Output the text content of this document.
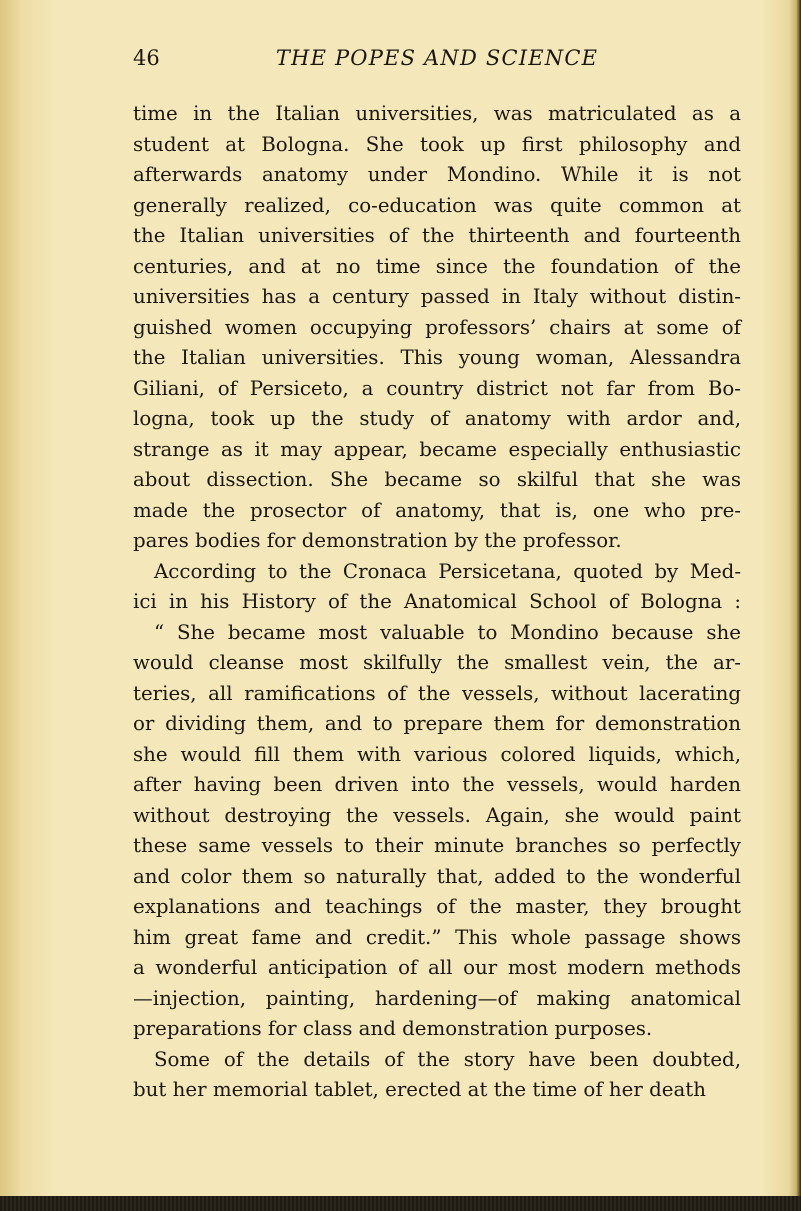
46	THE POPES AND SCIENCE
time in the Italian universities, was matriculated as a
student at Bologna. She took up first philosophy and
afterwards anatomy under Mondino. While it is not
generally realized, co-education was quite common at
the Italian universities of the thirteenth and fourteenth
centuries, and at no time since the foundation of the
universities has a century passed in Italy without distin-
guished women occupying professors’ chairs at some of
the Italian universities. This young woman, Alessandra
Giliani, of Persiceto, a country district not far from Bo-
logna, took up the study of anatomy with ardor and,
strange as it may appear, became especially enthusiastic
about dissection. She became so skilful that she was
made the prosector of anatomy, that is, one who pre-
pares bodies for demonstration by the professor.
According to the Cronaca Persicetana, quoted by Med-
ici in his History of the Anatomical School of Bologna :
“ She became most valuable to Mondino because she
would cleanse most skilfully the smallest vein, the ar-
teries, all ramifications of the vessels, without lacerating
or dividing them, and to prepare them for demonstration
she would fill them with various colored liquids, which,
after having been driven into the vessels, would harden
without destroying the vessels. Again, she would paint
these same vessels to their minute branches so perfectly
and color them so naturally that, added to the wonderful
explanations and teachings of the master, they brought
him great fame and credit.” This whole passage shows
a wonderful anticipation of all our most modern methods
—injection, painting, hardening—of making anatomical
preparations for class and demonstration purposes.
Some of the details of the story have been doubted,
but her memorial tablet, erected at the time of her death
